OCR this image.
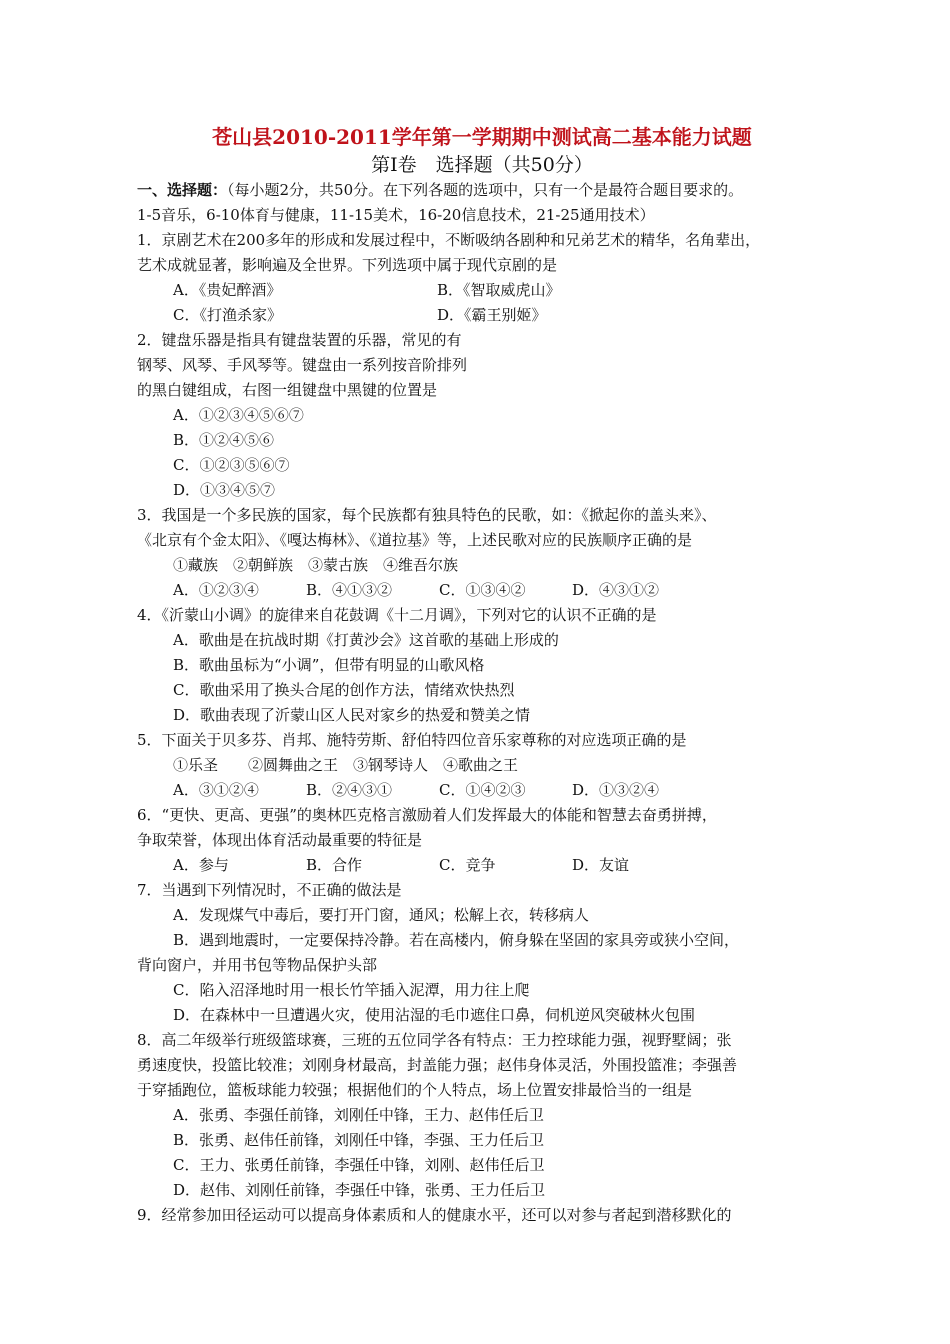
苍山县2010-2011学年第一学期期中测试高二基本能力试题
第Ⅰ卷　选择题（共50分）
一、选择题：（每小题2分，共50分。在下列各题的选项中，只有一个是最符合题目要求的。
1-5音乐，6-10体育与健康，11-15美术，16-20信息技术，21-25通用技术）
1．京剧艺术在200多年的形成和发展过程中，不断吸纳各剧种和兄弟艺术的精华，名角辈出，
艺术成就显著，影响遍及全世界。下列选项中属于现代京剧的是
A．《贵妃醉酒》	B．《智取威虎山》
C．《打渔杀家》	D．《霸王别姬》
2．键盘乐器是指具有键盘装置的乐器，常见的有
钢琴、风琴、手风琴等。键盘由一系列按音阶排列
的黑白键组成，右图一组键盘中黑键的位置是
A．①②③④⑤⑥⑦
B．①②④⑤⑥
C．①②③⑤⑥⑦
D．①③④⑤⑦
3．我国是一个多民族的国家，每个民族都有独具特色的民歌，如：《掀起你的盖头来》、
《北京有个金太阳》、《嘎达梅林》、《道拉基》等，上述民歌对应的民族顺序正确的是
①藏族　②朝鲜族　③蒙古族　④维吾尔族
A．①②③④	B．④①③②	C．①③④②	D．④③①②
4．《沂蒙山小调》的旋律来自花鼓调《十二月调》，下列对它的认识不正确的是
A．歌曲是在抗战时期《打黄沙会》这首歌的基础上形成的
B．歌曲虽标为“小调”，但带有明显的山歌风格
C．歌曲采用了换头合尾的创作方法，情绪欢快热烈
D．歌曲表现了沂蒙山区人民对家乡的热爱和赞美之情
5．下面关于贝多芬、肖邦、施特劳斯、舒伯特四位音乐家尊称的对应选项正确的是
①乐圣　　②圆舞曲之王　③钢琴诗人　④歌曲之王
A．③①②④	B．②④③①	C．①④②③	D．①③②④
6．“更快、更高、更强”的奥林匹克格言激励着人们发挥最大的体能和智慧去奋勇拼搏，
争取荣誉，体现出体育活动最重要的特征是
A．参与	B．合作	C．竞争	D．友谊
7．当遇到下列情况时，不正确的做法是
A．发现煤气中毒后，要打开门窗，通风；松解上衣，转移病人
B．遇到地震时，一定要保持冷静。若在高楼内，俯身躲在坚固的家具旁或狭小空间，
背向窗户，并用书包等物品保护头部
C．陷入沼泽地时用一根长竹竿插入泥潭，用力往上爬
D．在森林中一旦遭遇火灾，使用沾湿的毛巾遮住口鼻，伺机逆风突破林火包围
8．高二年级举行班级篮球赛，三班的五位同学各有特点：王力控球能力强，视野墅阔；张
勇速度快，投篮比较准；刘刚身材最高，封盖能力强；赵伟身体灵活，外围投篮准；李强善
于穿插跑位，篮板球能力较强；根据他们的个人特点，场上位置安排最恰当的一组是
A．张勇、李强任前锋，刘刚任中锋，王力、赵伟任后卫
B．张勇、赵伟任前锋，刘刚任中锋，李强、王力任后卫
C．王力、张勇任前锋，李强任中锋，刘刚、赵伟任后卫
D．赵伟、刘刚任前锋，李强任中锋，张勇、王力任后卫
9．经常参加田径运动可以提高身体素质和人的健康水平，还可以对参与者起到潜移默化的
